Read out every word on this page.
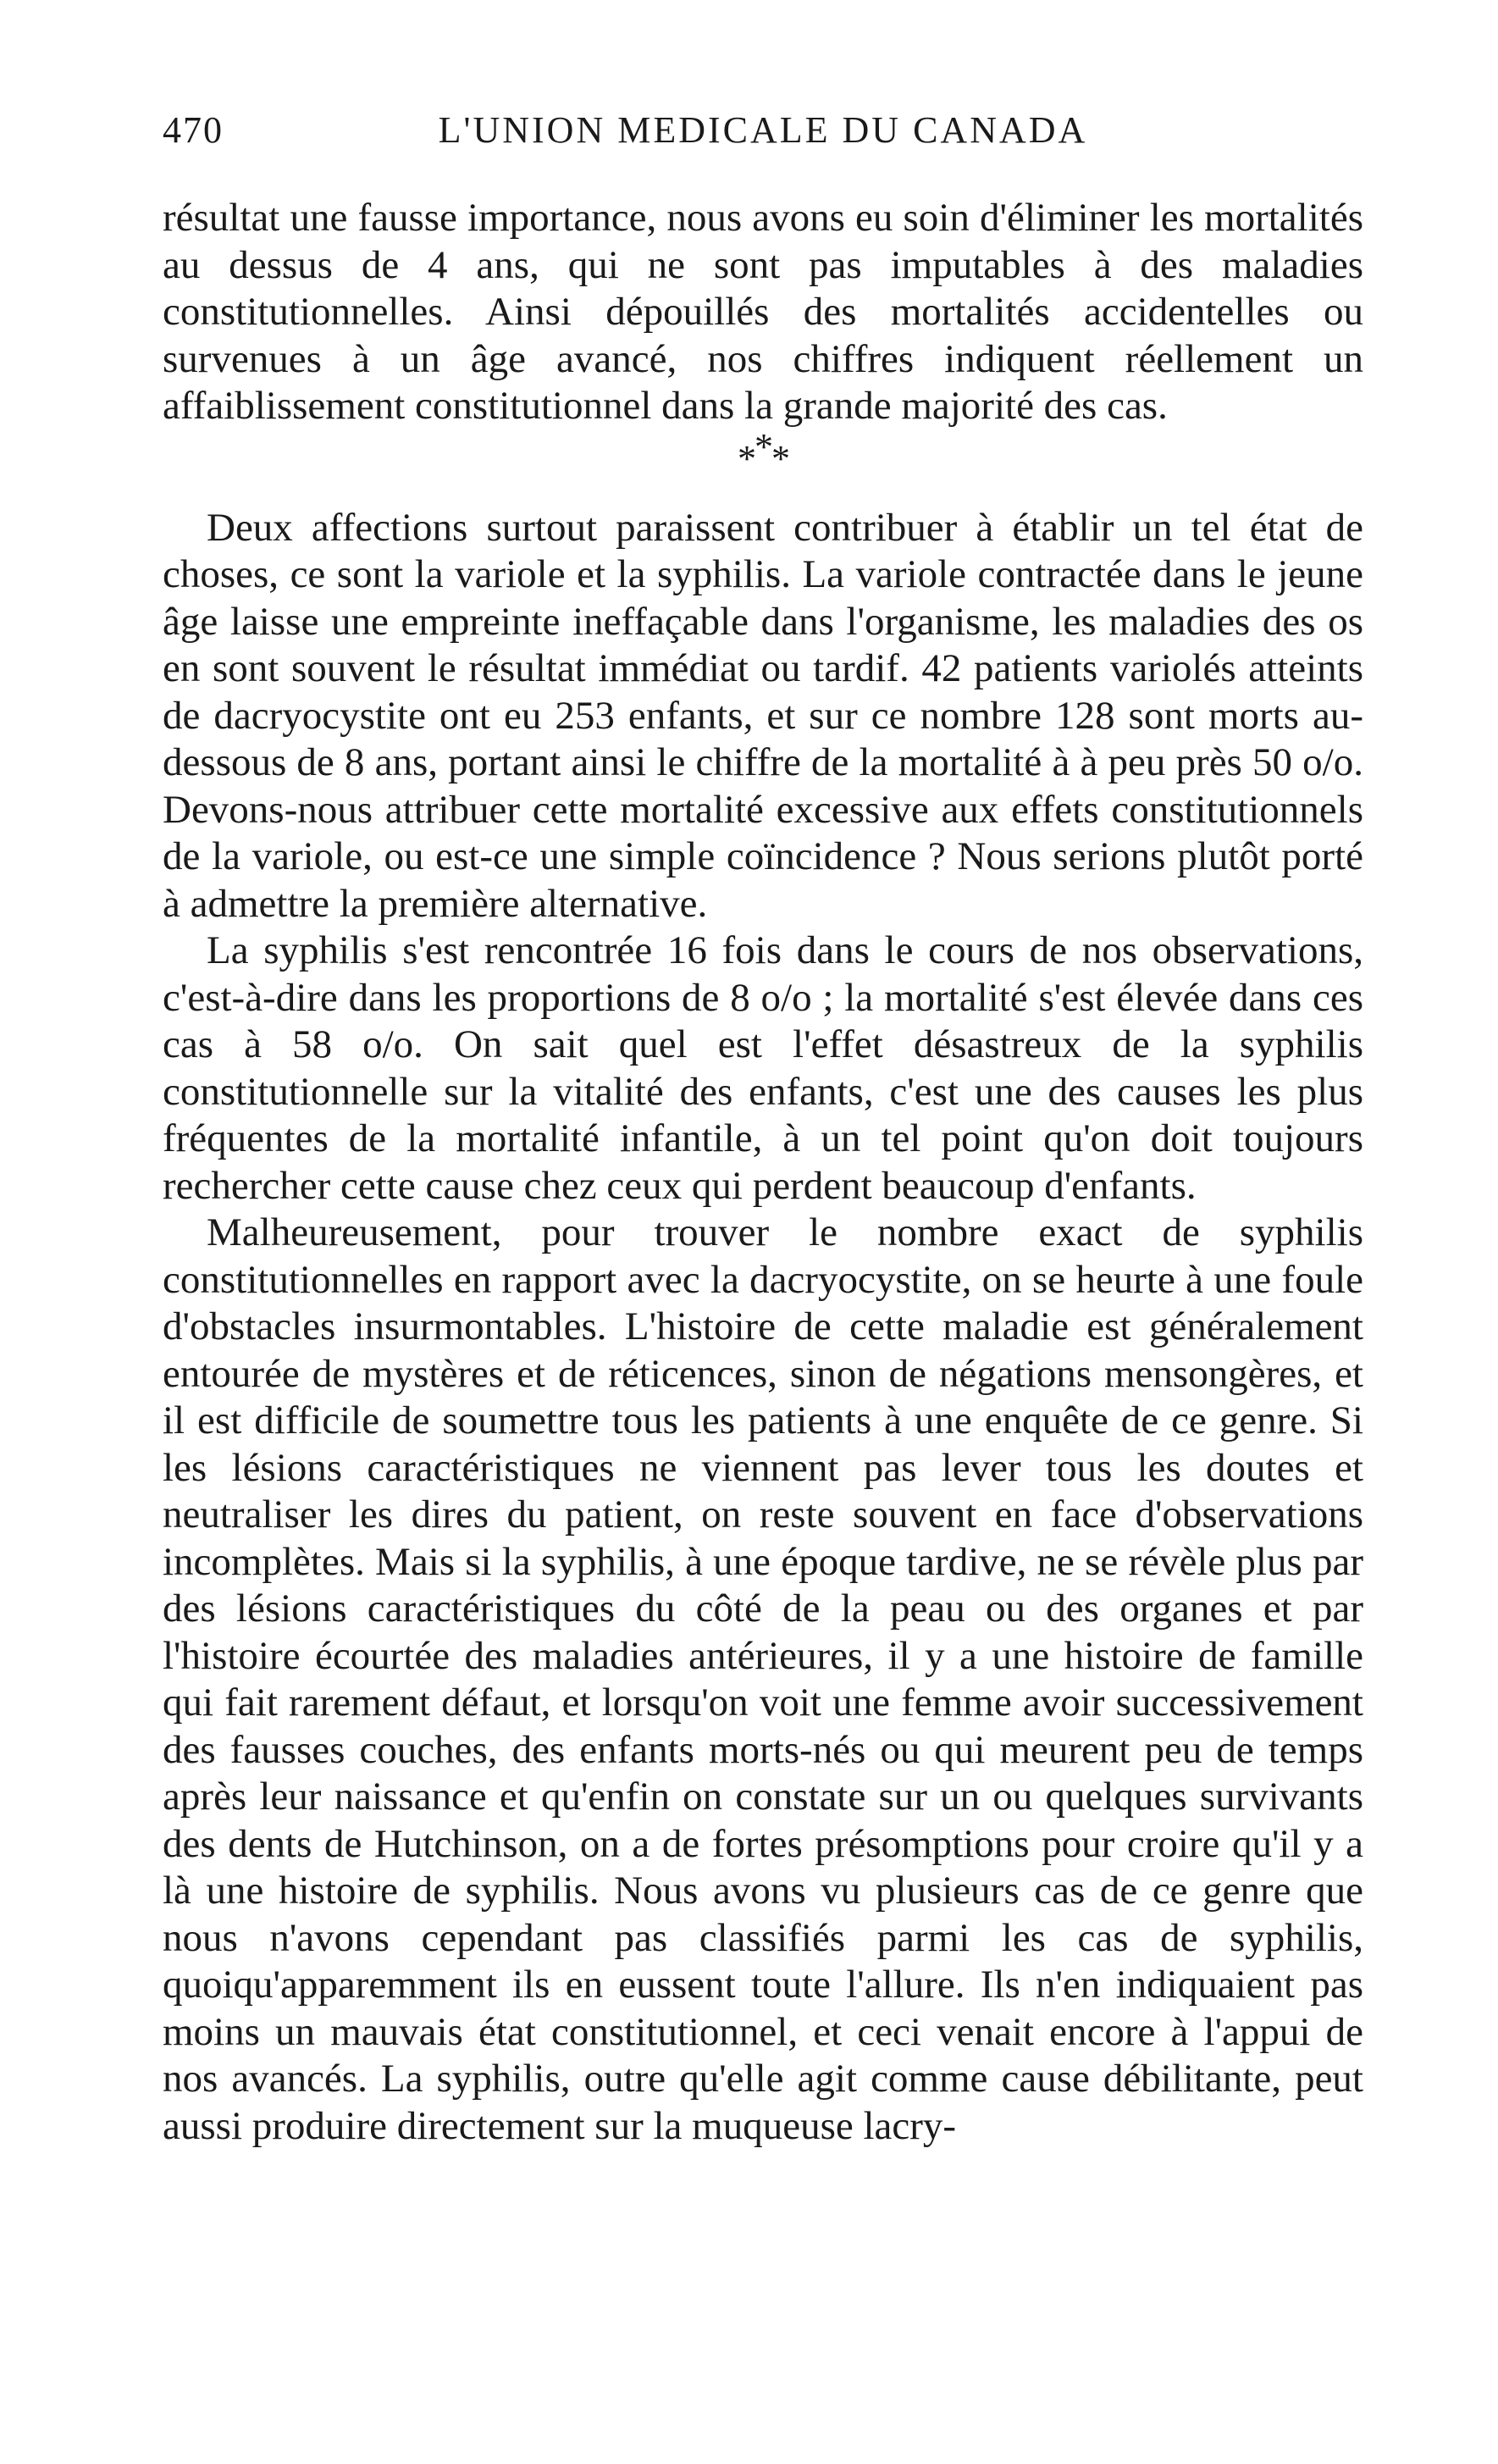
470	L'UNION MEDICALE DU CANADA

résultat une fausse importance, nous avons eu soin d'éliminer les mortalités au dessus de 4 ans, qui ne sont pas imputables à des maladies constitutionnelles. Ainsi dépouillés des mortalités accidentelles ou survenues à un âge avancé, nos chiffres indiquent réellement un affaiblissement constitutionnel dans la grande majorité des cas.

***

Deux affections surtout paraissent contribuer à établir un tel état de choses, ce sont la variole et la syphilis. La variole contractée dans le jeune âge laisse une empreinte ineffaçable dans l'organisme, les maladies des os en sont souvent le résultat immédiat ou tardif. 42 patients variolés atteints de dacryocystite ont eu 253 enfants, et sur ce nombre 128 sont morts au-dessous de 8 ans, portant ainsi le chiffre de la mortalité à à peu près 50 o/o. Devons-nous attribuer cette mortalité excessive aux effets constitutionnels de la variole, ou est-ce une simple coïncidence ? Nous serions plutôt porté à admettre la première alternative.

La syphilis s'est rencontrée 16 fois dans le cours de nos observations, c'est-à-dire dans les proportions de 8 o/o ; la mortalité s'est élevée dans ces cas à 58 o/o. On sait quel est l'effet désastreux de la syphilis constitutionnelle sur la vitalité des enfants, c'est une des causes les plus fréquentes de la mortalité infantile, à un tel point qu'on doit toujours rechercher cette cause chez ceux qui perdent beaucoup d'enfants.

Malheureusement, pour trouver le nombre exact de syphilis constitutionnelles en rapport avec la dacryocystite, on se heurte à une foule d'obstacles insurmontables. L'histoire de cette maladie est généralement entourée de mystères et de réticences, sinon de négations mensongères, et il est difficile de soumettre tous les patients à une enquête de ce genre. Si les lésions caractéristiques ne viennent pas lever tous les doutes et neutraliser les dires du patient, on reste souvent en face d'observations incomplètes. Mais si la syphilis, à une époque tardive, ne se révèle plus par des lésions caractéristiques du côté de la peau ou des organes et par l'histoire écourtée des maladies antérieures, il y a une histoire de famille qui fait rarement défaut, et lorsqu'on voit une femme avoir successivement des fausses couches, des enfants morts-nés ou qui meurent peu de temps après leur naissance et qu'enfin on constate sur un ou quelques survivants des dents de Hutchinson, on a de fortes présomptions pour croire qu'il y a là une histoire de syphilis. Nous avons vu plusieurs cas de ce genre que nous n'avons cependant pas classifiés parmi les cas de syphilis, quoiqu'apparemment ils en eussent toute l'allure. Ils n'en indiquaient pas moins un mauvais état constitutionnel, et ceci venait encore à l'appui de nos avancés. La syphilis, outre qu'elle agit comme cause débilitante, peut aussi produire directement sur la muqueuse lacry-
